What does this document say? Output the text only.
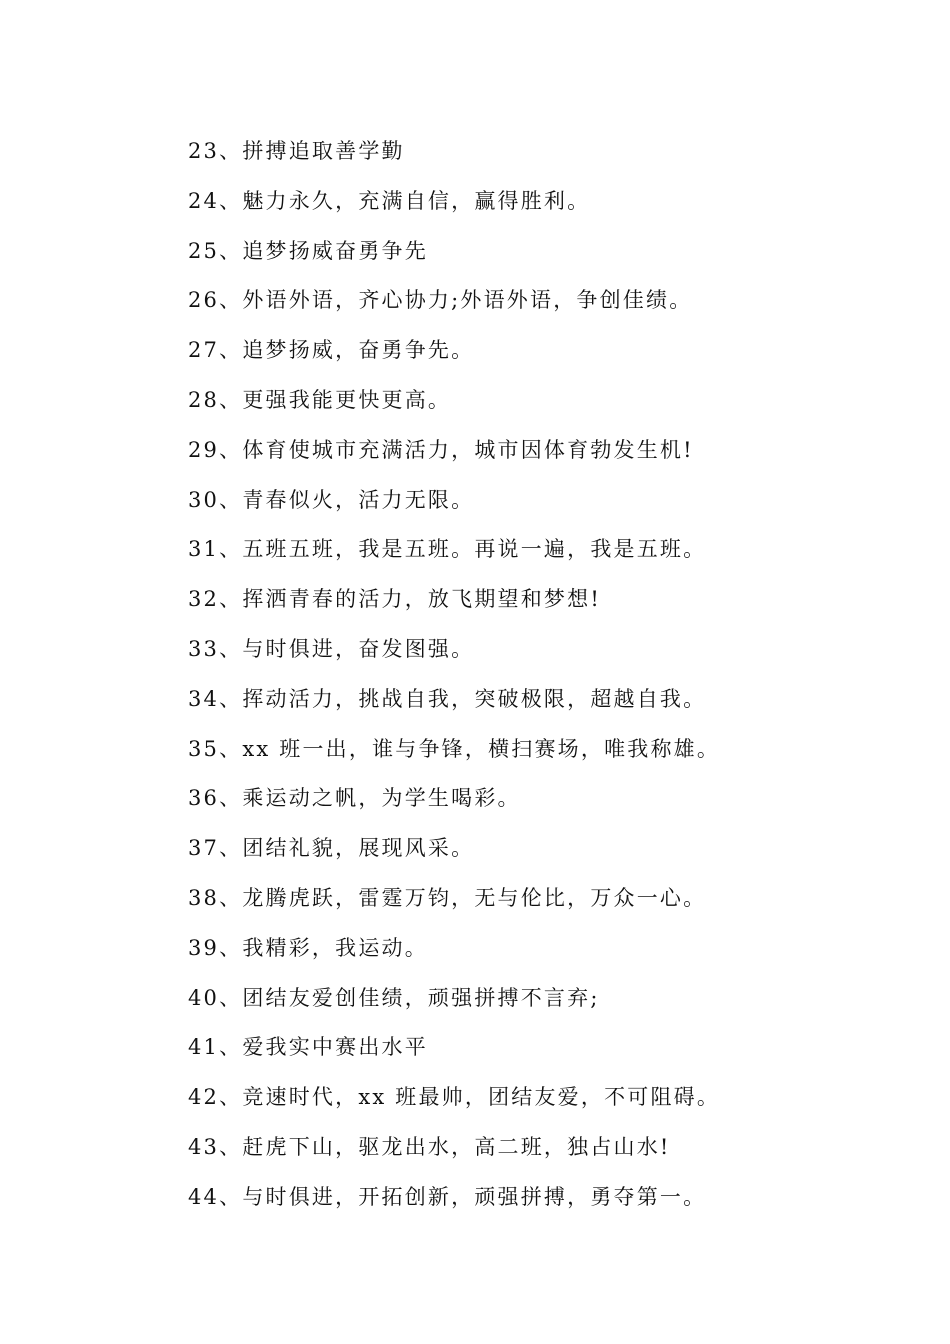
23、拼搏追取善学勤
24、魅力永久，充满自信，赢得胜利。
25、追梦扬威奋勇争先
26、外语外语，齐心协力;外语外语，争创佳绩。
27、追梦扬威，奋勇争先。
28、更强我能更快更高。
29、体育使城市充满活力，城市因体育勃发生机!
30、青春似火，活力无限。
31、五班五班，我是五班。再说一遍，我是五班。
32、挥洒青春的活力，放飞期望和梦想!
33、与时俱进，奋发图强。
34、挥动活力，挑战自我，突破极限，超越自我。
35、xx 班一出，谁与争锋，横扫赛场，唯我称雄。
36、乘运动之帆，为学生喝彩。
37、团结礼貌，展现风采。
38、龙腾虎跃，雷霆万钧，无与伦比，万众一心。
39、我精彩，我运动。
40、团结友爱创佳绩，顽强拼搏不言弃;
41、爱我实中赛出水平
42、竞速时代，xx 班最帅，团结友爱，不可阻碍。
43、赶虎下山，驱龙出水，高二班，独占山水!
44、与时俱进，开拓创新，顽强拼搏，勇夺第一。
